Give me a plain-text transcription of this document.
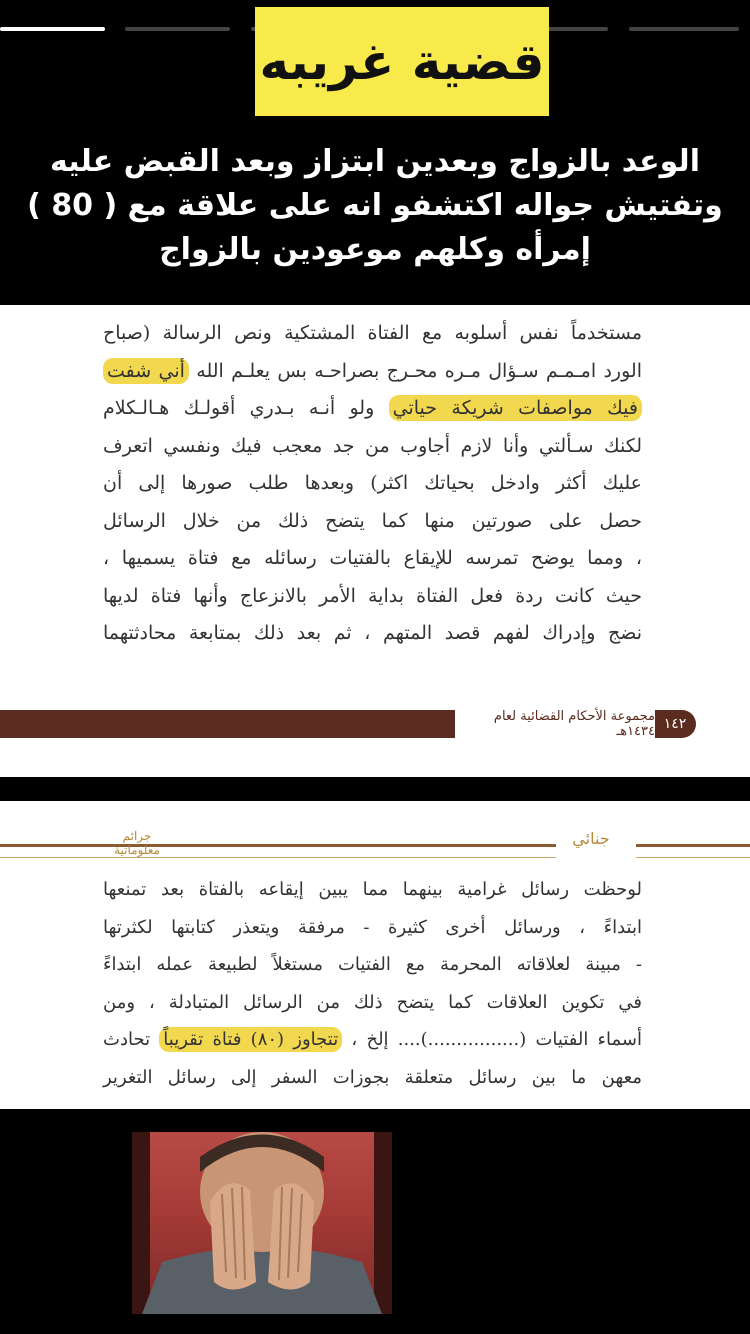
قضية غريبه
الوعد بالزواج وبعدين ابتزاز وبعد القبض عليه
وتفتيش جواله اكتشفو انه على علاقة مع ( 80 )
إمرأه وكلهم موعودين بالزواج
مستخدماً نفس أسلوبه مع الفتاة المشتكية ونص الرسالة (صباح
الورد امـمـم سـؤال مـره محـرج بصراحـه بس يعلـم الله أني شفت
فيك مواصفات شريكة حياتي ولو أنـه بـدري أقولـك هـالـكلام
لكنك سـألتي وأنا لازم أجاوب من جد معجب فيك ونفسي اتعرف
عليك أكثر وادخل بحياتك اكثر) وبعدها طلب صورها إلى أن
حصل على صورتين منها كما يتضح ذلك من خلال الرسائل
، ومما يوضح تمرسه للإيقاع بالفتيات رسائله مع فتاة يسميها ،
حيث كانت ردة فعل الفتاة بداية الأمر بالانزعاج وأنها فتاة لديها
نضج وإدراك لفهم قصد المتهم ، ثم بعد ذلك بمتابعة محادثتهما
مجموعة الأحكام القضائية لعام ١٤٣٤هـ ١٤٢
جنائي
جرائم معلوماتية
لوحظت رسائل غرامية بينهما مما يبين إيقاعه بالفتاة بعد تمنعها
ابتداءً ، ورسائل أخرى كثيرة - مرفقة ويتعذر كتابتها لكثرتها
- مبينة لعلاقاته المحرمة مع الفتيات مستغلاً لطبيعة عمله ابتداءً
في تكوين العلاقات كما يتضح ذلك من الرسائل المتبادلة ، ومن
أسماء الفتيات (................).... إلخ ، تتجاوز (٨٠) فتاة تقريباً تحادث
معهن ما بين رسائل متعلقة بجوزات السفر إلى رسائل التغرير
